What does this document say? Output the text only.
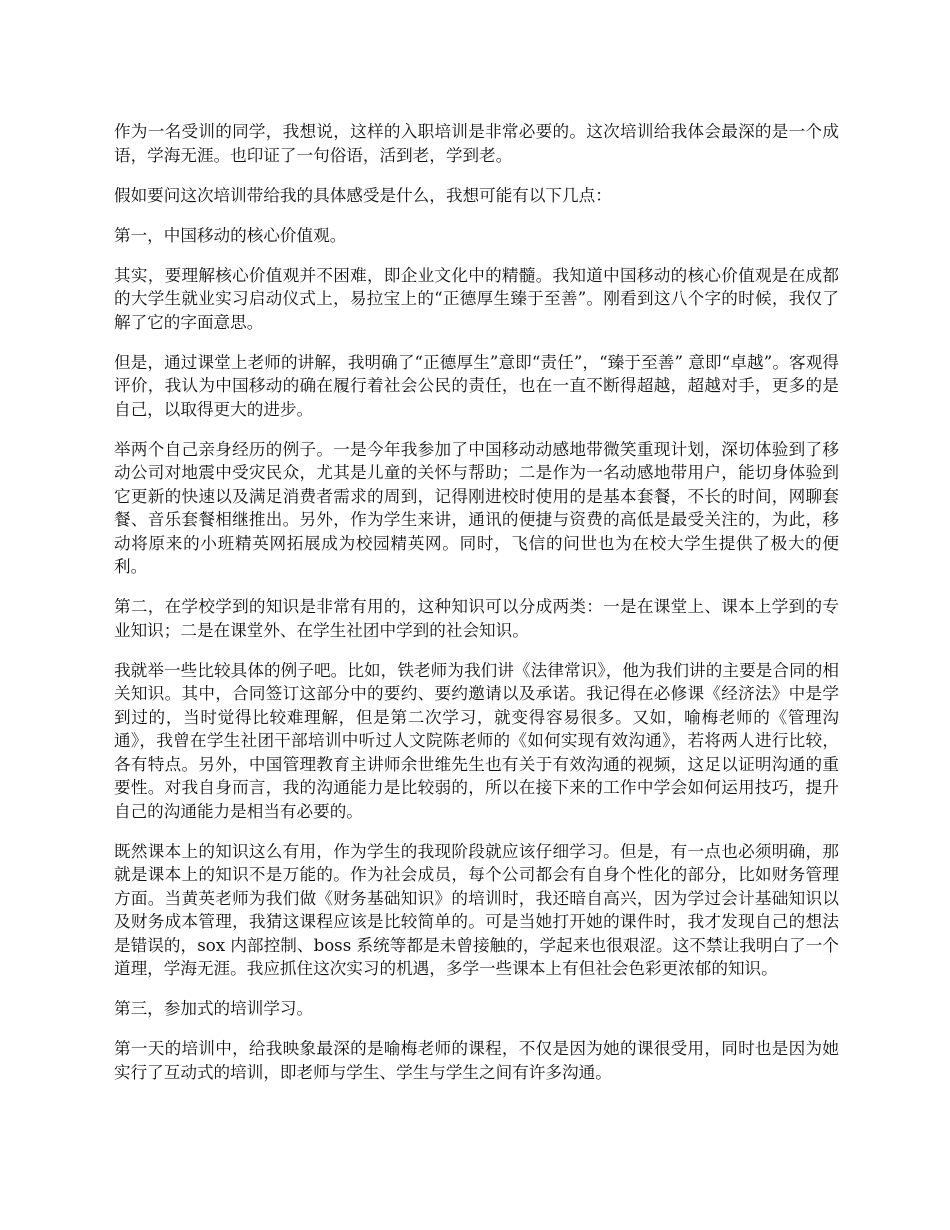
作为一名受训的同学，我想说，这样的入职培训是非常必要的。这次培训给我体会最深的是一个成语，学海无涯。也印证了一句俗语，活到老，学到老。

假如要问这次培训带给我的具体感受是什么，我想可能有以下几点：

第一，中国移动的核心价值观。

其实，要理解核心价值观并不困难，即企业文化中的精髓。我知道中国移动的核心价值观是在成都的大学生就业实习启动仪式上，易拉宝上的“正德厚生臻于至善”。刚看到这八个字的时候，我仅了解了它的字面意思。

但是，通过课堂上老师的讲解，我明确了“正德厚生”意即“责任”，“臻于至善” 意即“卓越”。客观得评价，我认为中国移动的确在履行着社会公民的责任，也在一直不断得超越，超越对手，更多的是自己，以取得更大的进步。

举两个自己亲身经历的例子。一是今年我参加了中国移动动感地带微笑重现计划，深切体验到了移动公司对地震中受灾民众，尤其是儿童的关怀与帮助；二是作为一名动感地带用户，能切身体验到它更新的快速以及满足消费者需求的周到，记得刚进校时使用的是基本套餐，不长的时间，网聊套餐、音乐套餐相继推出。另外，作为学生来讲，通讯的便捷与资费的高低是最受关注的，为此，移动将原来的小班精英网拓展成为校园精英网。同时，飞信的问世也为在校大学生提供了极大的便利。

第二，在学校学到的知识是非常有用的，这种知识可以分成两类：一是在课堂上、课本上学到的专业知识；二是在课堂外、在学生社团中学到的社会知识。

我就举一些比较具体的例子吧。比如，铁老师为我们讲《法律常识》，他为我们讲的主要是合同的相关知识。其中，合同签订这部分中的要约、要约邀请以及承诺。我记得在必修课《经济法》中是学到过的，当时觉得比较难理解，但是第二次学习，就变得容易很多。又如，喻梅老师的《管理沟通》，我曾在学生社团干部培训中听过人文院陈老师的《如何实现有效沟通》，若将两人进行比较，各有特点。另外，中国管理教育主讲师余世维先生也有关于有效沟通的视频，这足以证明沟通的重要性。对我自身而言，我的沟通能力是比较弱的，所以在接下来的工作中学会如何运用技巧，提升自己的沟通能力是相当有必要的。

既然课本上的知识这么有用，作为学生的我现阶段就应该仔细学习。但是，有一点也必须明确，那就是课本上的知识不是万能的。作为社会成员，每个公司都会有自身个性化的部分，比如财务管理方面。当黄英老师为我们做《财务基础知识》的培训时，我还暗自高兴，因为学过会计基础知识以及财务成本管理，我猜这课程应该是比较简单的。可是当她打开她的课件时，我才发现自己的想法是错误的，sox 内部控制、boss 系统等都是未曾接触的，学起来也很艰涩。这不禁让我明白了一个道理，学海无涯。我应抓住这次实习的机遇，多学一些课本上有但社会色彩更浓郁的知识。

第三，参加式的培训学习。

第一天的培训中，给我映象最深的是喻梅老师的课程，不仅是因为她的课很受用，同时也是因为她实行了互动式的培训，即老师与学生、学生与学生之间有许多沟通。
